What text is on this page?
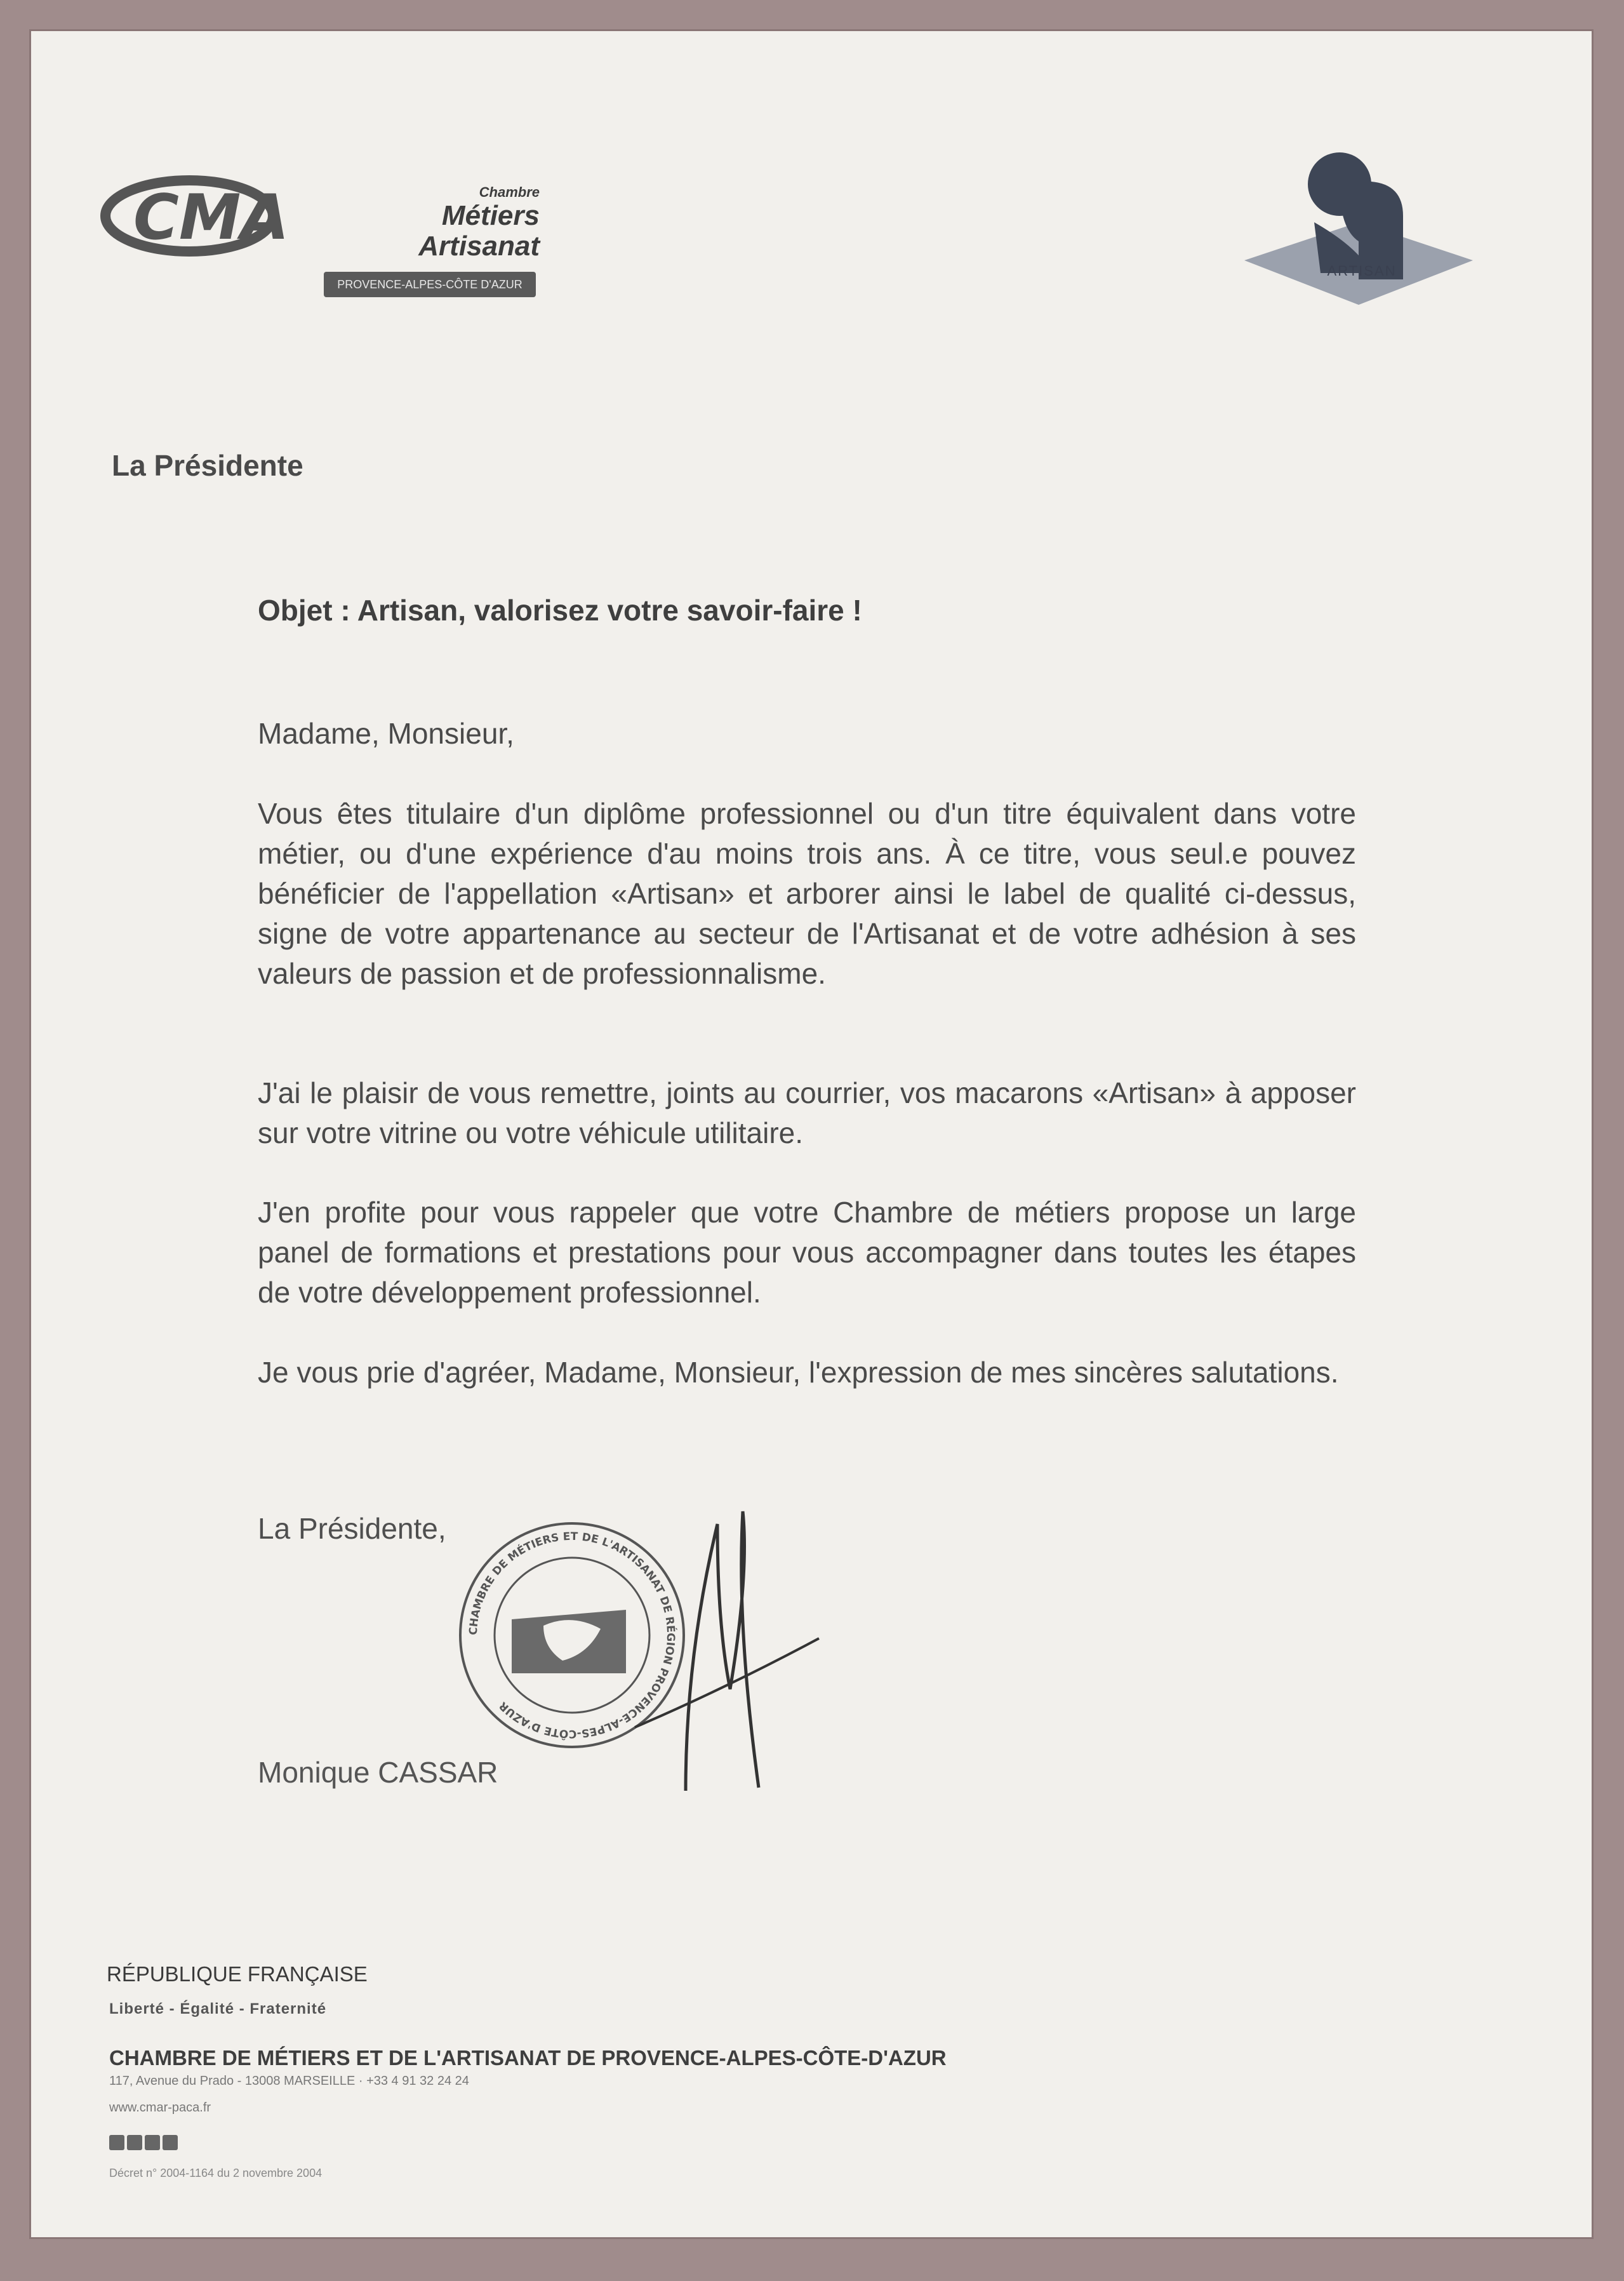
CMA	Chambre
Métiers
Artisanat
PROVENCE-ALPES-CÔTE D'AZUR
ARTISAN
La Présidente
Objet : Artisan, valorisez votre savoir-faire !
Madame, Monsieur,
Vous êtes titulaire d'un diplôme professionnel ou d'un titre équivalent dans votre métier, ou d'une expérience d'au moins trois ans. À ce titre, vous seul.e pouvez bénéficier de l'appellation «Artisan» et arborer ainsi le label de qualité ci-dessus, signe de votre appartenance au secteur de l'Artisanat et de votre adhésion à ses valeurs de passion et de professionnalisme.
J'ai le plaisir de vous remettre, joints au courrier, vos macarons «Artisan» à apposer sur votre vitrine ou votre véhicule utilitaire.
J'en profite pour vous rappeler que votre Chambre de métiers propose un large panel de formations et prestations pour vous accompagner dans toutes les étapes de votre développement professionnel.
Je vous prie d'agréer, Madame, Monsieur, l'expression de mes sincères salutations.
La Présidente,
CHAMBRE DE MÉTIERS ET DE L'ARTISANAT DE RÉGION PROVENCE-ALPES-CÔTE D'AZUR
Monique CASSAR
RÉPUBLIQUE FRANÇAISE
Liberté - Égalité - Fraternité
CHAMBRE DE MÉTIERS ET DE L'ARTISANAT DE PROVENCE-ALPES-CÔTE-D'AZUR
117, Avenue du Prado - 13008 MARSEILLE · +33 4 91 32 24 24
www.cmar-paca.fr
Décret n° 2004-1164 du 2 novembre 2004
